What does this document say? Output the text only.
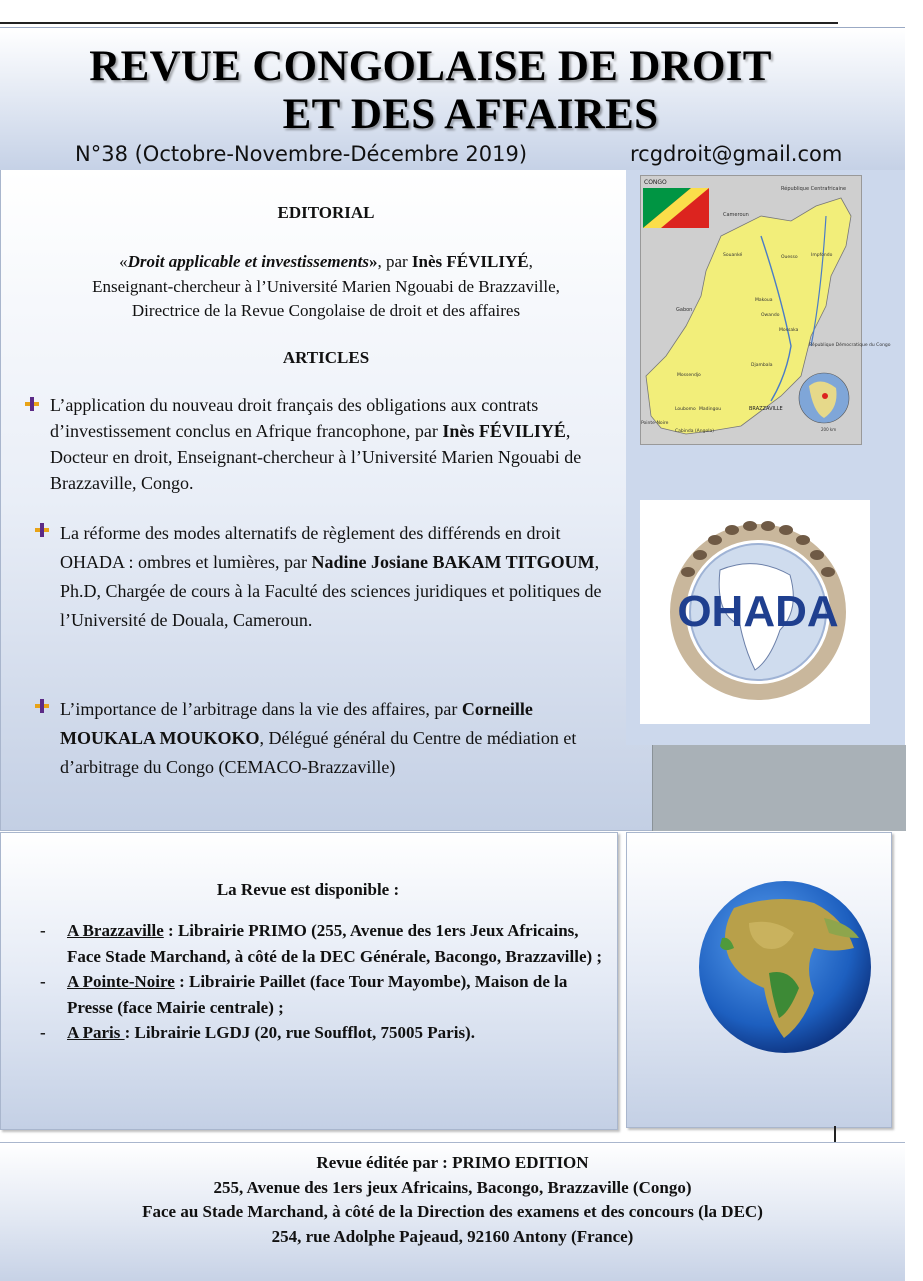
REVUE CONGOLAISE DE DROIT
ET DES AFFAIRES
N°38 (Octobre-Novembre-Décembre 2019)	rcgdroit@gmail.com
EDITORIAL
«Droit applicable et investissements», par Inès FÉVILIYÉ,
Enseignant-chercheur à l’Université Marien Ngouabi de Brazzaville,
Directrice de la Revue Congolaise de droit et des affaires
ARTICLES
L’application du nouveau droit français des obligations aux contrats d’investissement conclus en Afrique francophone, par Inès FÉVILIYÉ, Docteur en droit, Enseignant-chercheur à l’Université Marien Ngouabi de Brazzaville, Congo.
La réforme des modes alternatifs de règlement des différends en droit OHADA : ombres et lumières, par Nadine Josiane BAKAM TITGOUM, Ph.D, Chargée de cours à la Faculté des sciences juridiques et politiques de l’Université de Douala, Cameroun.
L’importance de l’arbitrage dans la vie des affaires, par Corneille MOUKALA MOUKOKO, Délégué général du Centre de médiation et d’arbitrage du Congo (CEMACO-Brazzaville)
CONGO
République Centrafricaine
Cameroun
Gabon
Souanké	Ouesso	Impfondo
Makoua
Owando
Mossaka
République Démocratique du Congo
Djambala
Mossendjo
Loubomo Madingou	BRAZZAVILLE
Pointe-Noire
Cabinda (Angola)	200 km
OHADA
La Revue est disponible :
- A Brazzaville : Librairie PRIMO (255, Avenue des 1ers Jeux Africains, Face Stade Marchand, à côté de la DEC Générale, Bacongo, Brazzaville) ;
- A Pointe-Noire : Librairie Paillet (face Tour Mayombe), Maison de la Presse (face Mairie centrale) ;
- A Paris : Librairie LGDJ (20, rue Soufflot, 75005 Paris).
Revue éditée par : PRIMO EDITION
255, Avenue des 1ers jeux Africains, Bacongo, Brazzaville (Congo)
Face au Stade Marchand, à côté de la Direction des examens et des concours (la DEC)
254, rue Adolphe Pajeaud, 92160 Antony (France)
